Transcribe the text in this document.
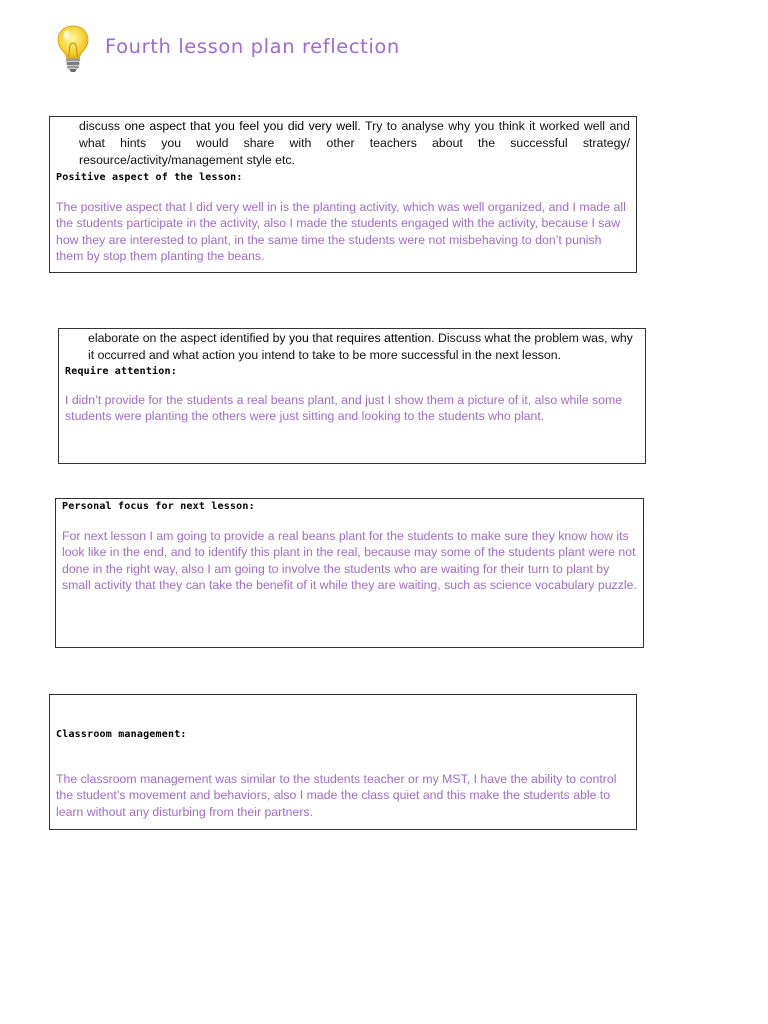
Fourth lesson plan reflection
discuss one aspect that you feel you did very well. Try to analyse why you think it worked well and what hints you would share with other teachers about the successful strategy/ resource/activity/management style etc.
Positive aspect of the lesson:
The positive aspect that I did very well in is the planting activity, which was well organized, and I made all the students participate in the activity, also I made the students engaged with the activity, because I saw how they are interested to plant, in the same time the students were not misbehaving to don’t punish them by stop them planting the beans.
elaborate on the aspect identified by you that requires attention. Discuss what the problem was, why it occurred and what action you intend to take to be more successful in the next lesson.
Require attention:
I didn’t provide for the students a real beans plant, and just I show them a picture of it, also while some students were planting the others were just sitting and looking to the students who plant.
Personal focus for next lesson:
For next lesson I am going to provide a real beans plant for the students to make sure they know how its look like in the end, and to identify this plant in the real, because may some of the students plant were not done in the right way, also I am going to involve the students who are waiting for their turn to plant by small activity that they can take the benefit of it while they are waiting, such as science vocabulary puzzle.
Classroom management:
The classroom management was similar to the students teacher or my MST, I have the ability to control the student’s movement and behaviors, also I made the class quiet and this make the students able to learn without any disturbing from their partners.
